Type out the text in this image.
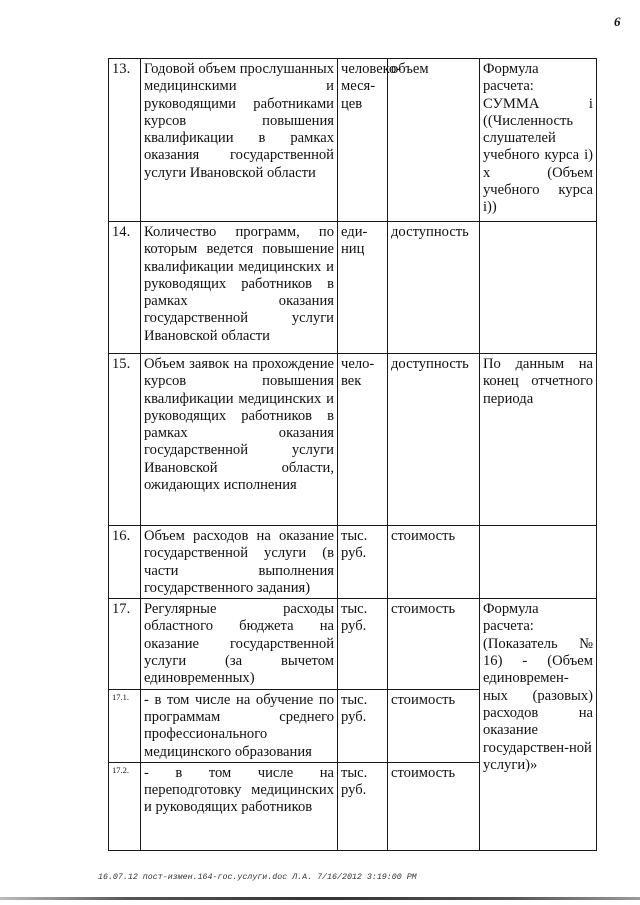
6
13.	Годовой объем прослушанных медицинскими и руководящими работниками курсов повышения квалификации в рамках оказания государственной услуги Ивановской области	человеко-меся-цев	объем	Формула расчета: СУММА i ((Численность слушателей учебного курса i) х (Объем учебного курса i))
14.	Количество программ, по которым ведется повышение квалификации медицинских и руководящих работников в рамках оказания государственной услуги Ивановской области	еди-ниц	доступность	
15.	Объем заявок на прохождение курсов повышения квалификации медицинских и руководящих работников в рамках оказания государственной услуги Ивановской области, ожидающих исполнения	чело-век	доступность	По данным на конец отчетного периода
16.	Объем расходов на оказание государственной услуги (в части выполнения государственного задания)	тыс. руб.	стоимость	
17.	Регулярные расходы областного бюджета на оказание государственной услуги (за вычетом единовременных)	тыс. руб.	стоимость	Формула расчета: (Показатель № 16) - (Объем единовремен-ных (разовых) расходов на оказание государствен-ной услуги)»
17.1.	- в том числе на обучение по программам среднего профессионального медицинского образования	тыс. руб.	стоимость	
17.2.	- в том числе на переподготовку медицинских и руководящих работников	тыс. руб.	стоимость	
16.07.12 пост-измен.164-гос.услуги.doc Л.А. 7/16/2012 3:19:00 PM
